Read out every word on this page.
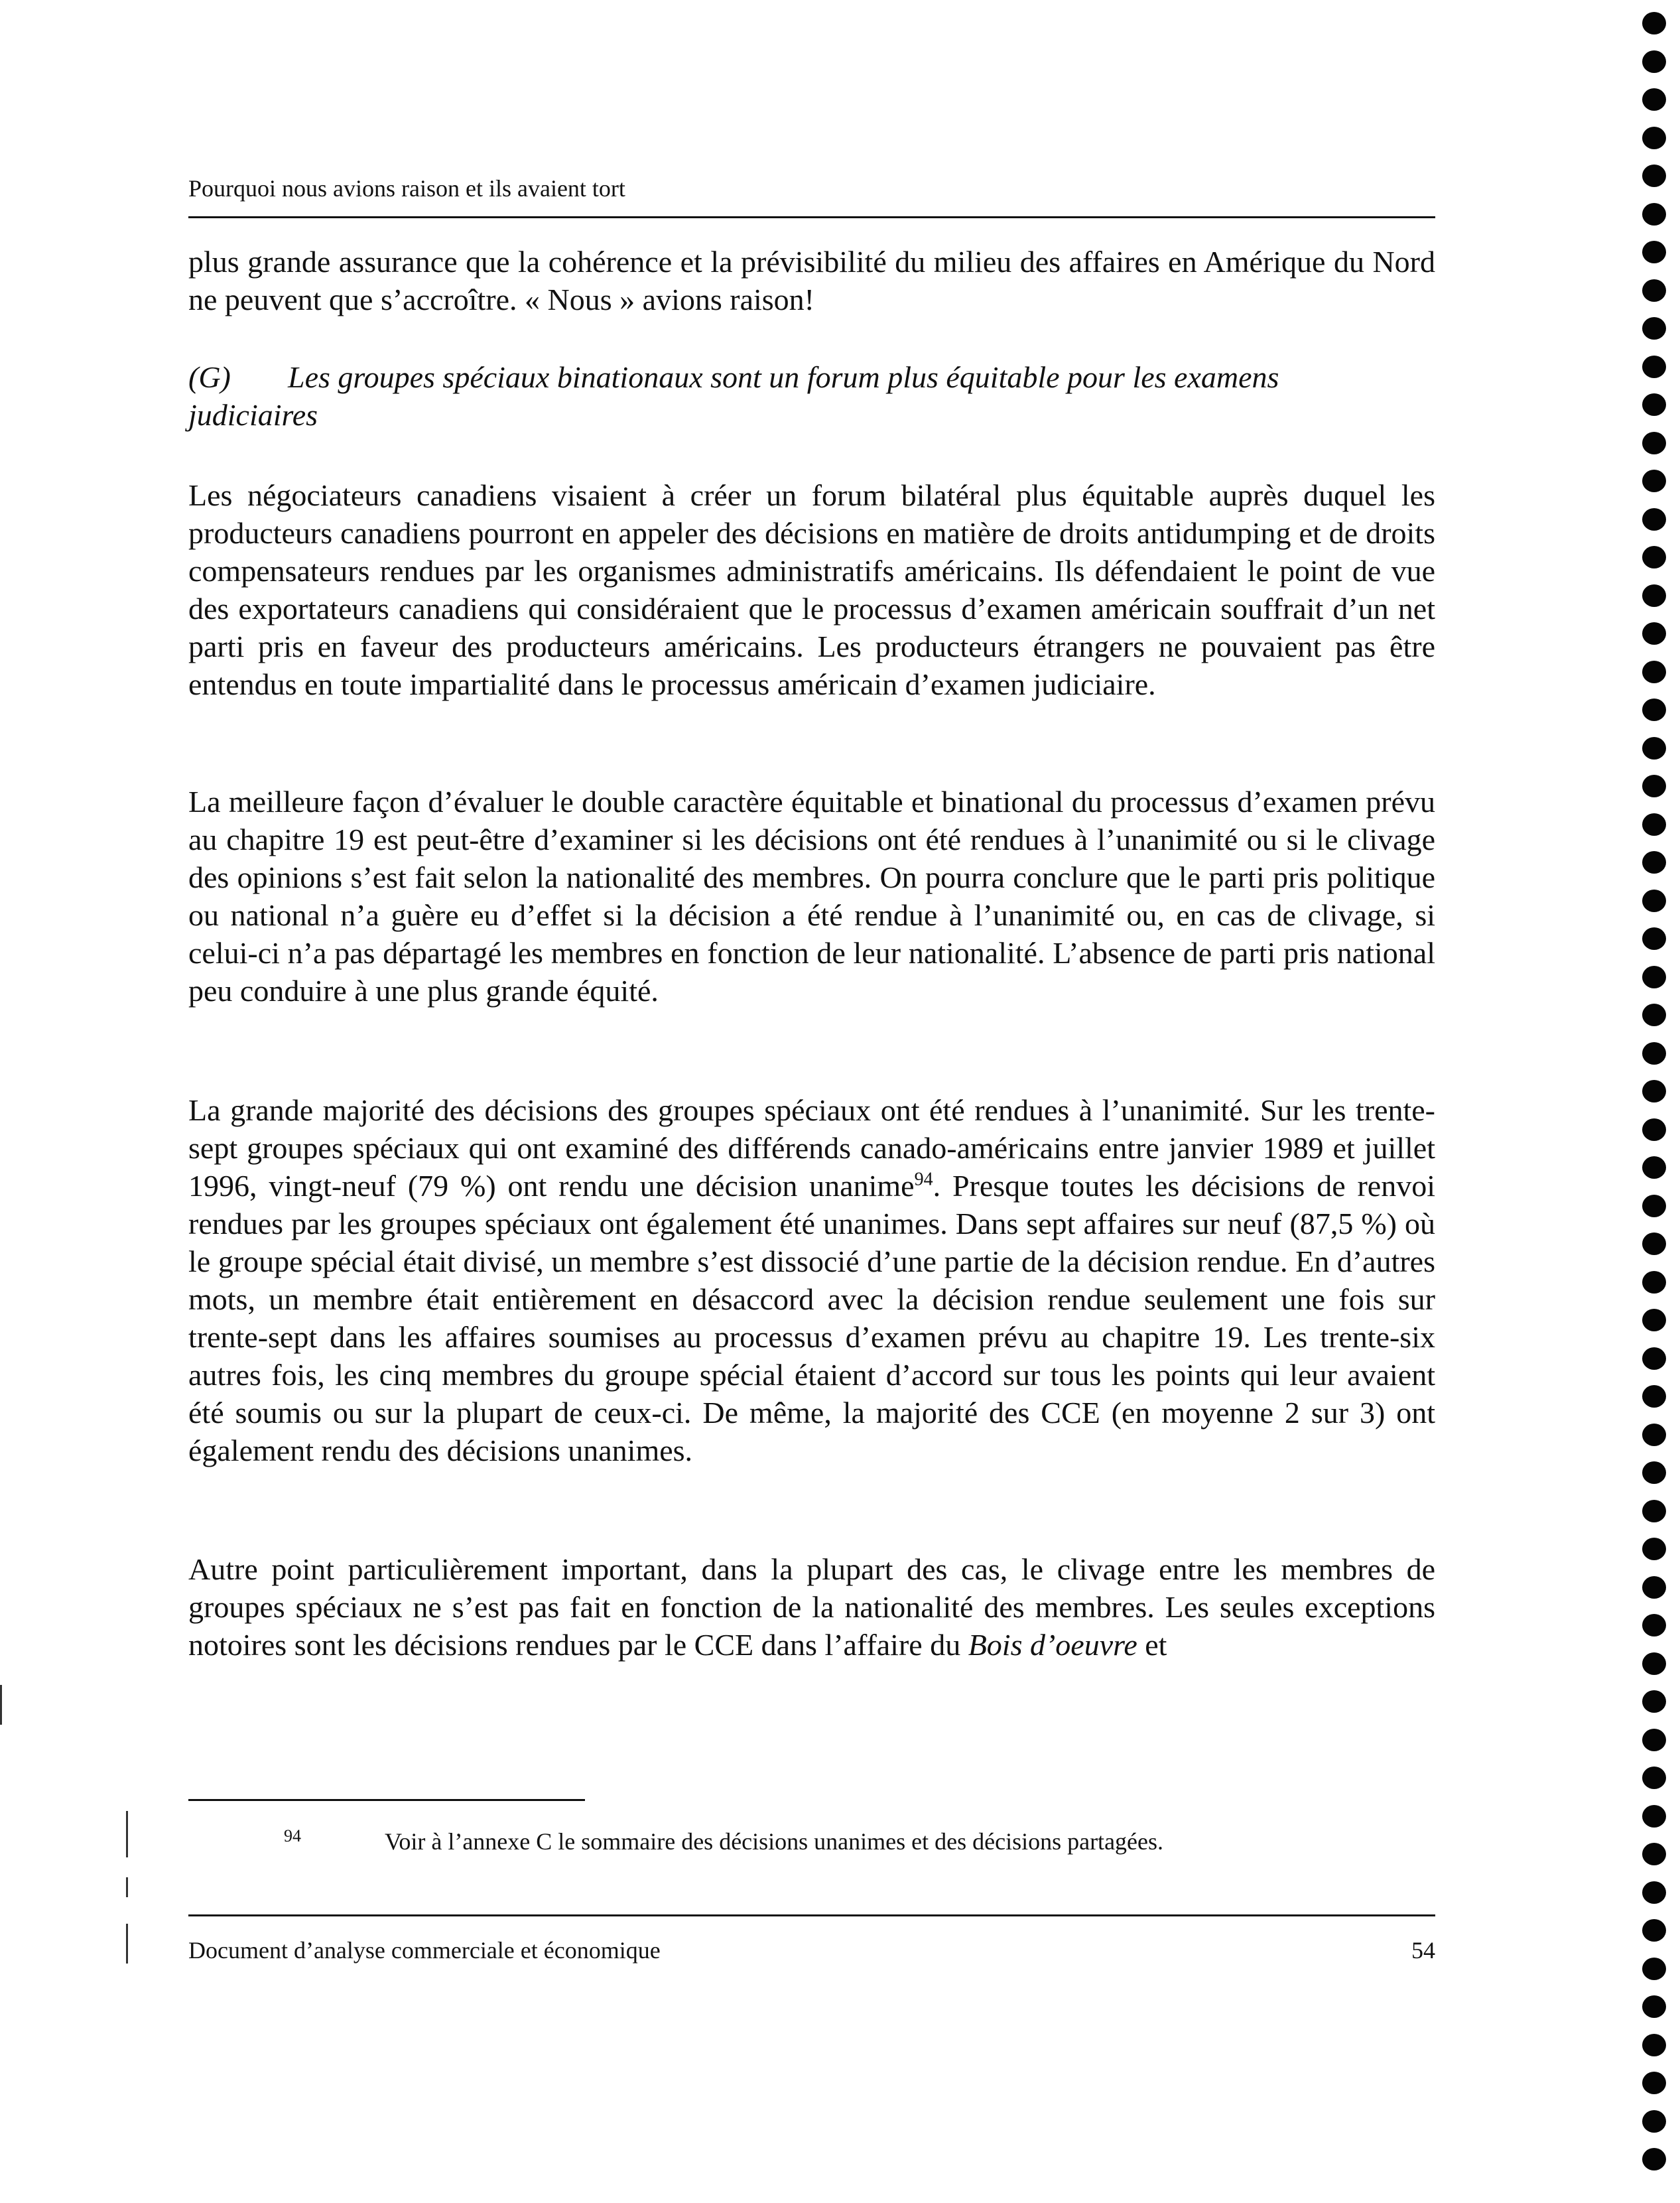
Pourquoi nous avions raison et ils avaient tort

plus grande assurance que la cohérence et la prévisibilité du milieu des affaires en Amérique du Nord ne peuvent que s’accroître. « Nous » avions raison!

(G) Les groupes spéciaux binationaux sont un forum plus équitable pour les examens

judiciaires

Les négociateurs canadiens visaient à créer un forum bilatéral plus équitable auprès duquel les producteurs canadiens pourront en appeler des décisions en matière de droits antidumping et de droits compensateurs rendues par les organismes administratifs américains. Ils défendaient le point de vue des exportateurs canadiens qui considéraient que le processus d’examen américain souffrait d’un net parti pris en faveur des producteurs américains. Les producteurs étrangers ne pouvaient pas être entendus en toute impartialité dans le processus américain d’examen judiciaire.

La meilleure façon d’évaluer le double caractère équitable et binational du processus d’examen prévu au chapitre 19 est peut-être d’examiner si les décisions ont été rendues à l’unanimité ou si le clivage des opinions s’est fait selon la nationalité des membres. On pourra conclure que le parti pris politique ou national n’a guère eu d’effet si la décision a été rendue à l’unanimité ou, en cas de clivage, si celui-ci n’a pas départagé les membres en fonction de leur nationalité. L’absence de parti pris national peu conduire à une plus grande équité.

La grande majorité des décisions des groupes spéciaux ont été rendues à l’unanimité. Sur les trente-sept groupes spéciaux qui ont examiné des différends canado-américains entre janvier 1989 et juillet 1996, vingt-neuf (79 %) ont rendu une décision unanime$^{94}$. Presque toutes les décisions de renvoi rendues par les groupes spéciaux ont également été unanimes. Dans sept affaires sur neuf (87,5 %) où le groupe spécial était divisé, un membre s’est dissocié d’une partie de la décision rendue. En d’autres mots, un membre était entièrement en désaccord avec la décision rendue seulement une fois sur trente-sept dans les affaires soumises au processus d’examen prévu au chapitre 19. Les trente-six autres fois, les cinq membres du groupe spécial étaient d’accord sur tous les points qui leur avaient été soumis ou sur la plupart de ceux-ci. De même, la majorité des CCE (en moyenne 2 sur 3) ont également rendu des décisions unanimes.

Autre point particulièrement important, dans la plupart des cas, le clivage entre les membres de groupes spéciaux ne s’est pas fait en fonction de la nationalité des membres. Les seules exceptions notoires sont les décisions rendues par le CCE dans l’affaire du Bois d’oeuvre et

94	Voir à l’annexe C le sommaire des décisions unanimes et des décisions partagées.
Document d’analyse commerciale et économique	54
